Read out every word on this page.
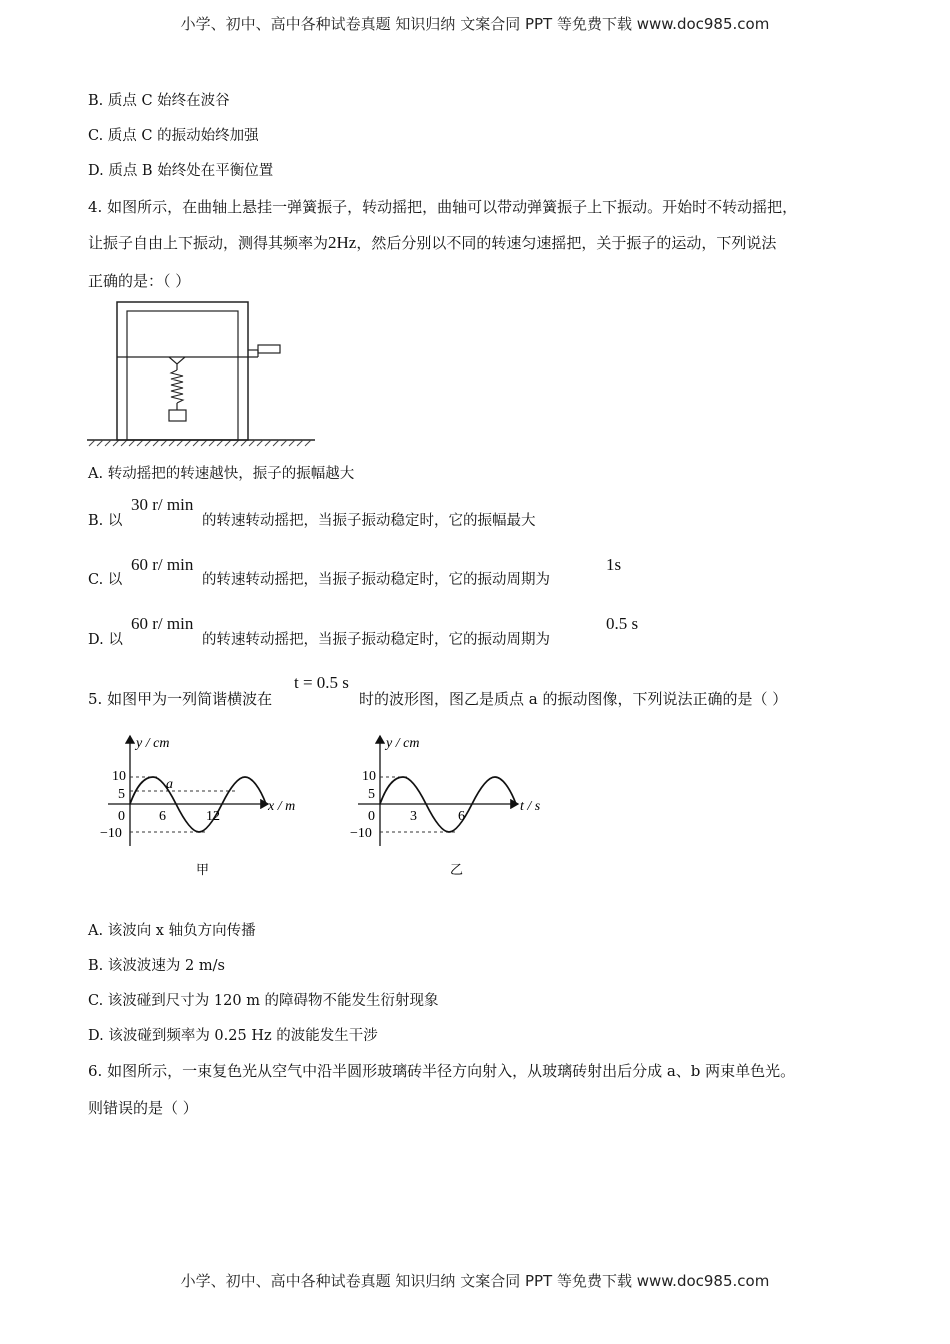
小学、初中、高中各种试卷真题 知识归纳 文案合同 PPT 等免费下载 www.doc985.com
B. 质点 C 始终在波谷
C. 质点 C 的振动始终加强
D. 质点 B 始终处在平衡位置
4. 如图所示，在曲轴上悬挂一弹簧振子，转动摇把，曲轴可以带动弹簧振子上下振动。开始时不转动摇把，
让振子自由上下振动，测得其频率为2Hz，然后分别以不同的转速匀速摇把，关于振子的运动，下列说法
正确的是：（ ）
A. 转动摇把的转速越快，振子的振幅越大
B. 以
30 r/ min
的转速转动摇把，当振子振动稳定时，它的振幅最大
C. 以
60 r/ min
的转速转动摇把，当振子振动稳定时，它的振动周期为
1s
D. 以
60 r/ min
的转速转动摇把，当振子振动稳定时，它的振动周期为
0.5 s
5. 如图甲为一列简谐横波在
t = 0.5 s
时的波形图，图乙是质点 a 的振动图像，下列说法正确的是（ ）
10
5
0
−10
6	12
a
y / cm
x / m
甲
10
5
0
−10
3	6
y / cm
t / s
乙
A. 该波向 x 轴负方向传播
B. 该波波速为 2 m/s
C. 该波碰到尺寸为 120 m 的障碍物不能发生衍射现象
D. 该波碰到频率为 0.25 Hz 的波能发生干涉
6. 如图所示，一束复色光从空气中沿半圆形玻璃砖半径方向射入，从玻璃砖射出后分成 a、b 两束单色光。
则错误的是（ ）
小学、初中、高中各种试卷真题 知识归纳 文案合同 PPT 等免费下载 www.doc985.com
